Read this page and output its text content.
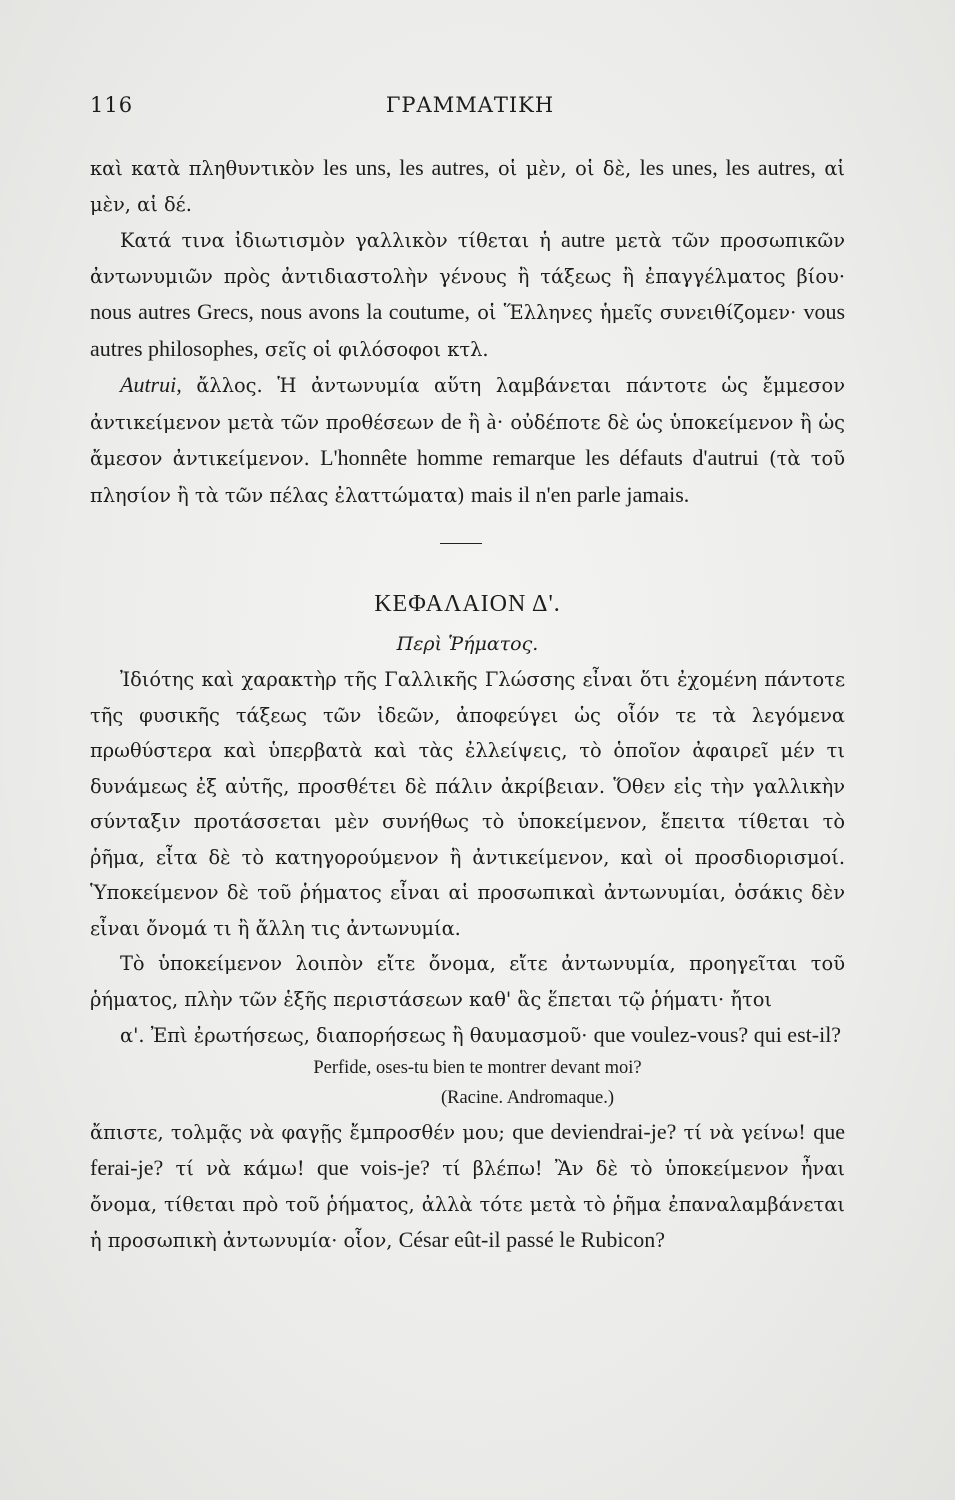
116	ΓΡΑΜΜΑΤΙΚΗ

καὶ κατὰ πληθυντικὸν les uns, les autres, οἱ μὲν, οἱ δὲ, les unes, les autres, αἱ μὲν, αἱ δέ.

Κατά τινα ἰδιωτισμὸν γαλλικὸν τίθεται ἡ autre μετὰ τῶν προσωπικῶν ἀντωνυμιῶν πρὸς ἀντιδιαστολὴν γένους ἢ τάξεως ἢ ἐπαγγέλματος βίου· nous autres Grecs, nous avons la coutume, οἱ Ἕλληνες ἡμεῖς συνειθίζομεν· vous autres philosophes, σεῖς οἱ φιλόσοφοι κτλ.

Autrui, ἄλλος. Ἡ ἀντωνυμία αὕτη λαμβάνεται πάντοτε ὡς ἔμμεσον ἀντικείμενον μετὰ τῶν προθέσεων de ἢ à· οὐδέποτε δὲ ὡς ὑποκείμενον ἢ ὡς ἄμεσον ἀντικείμενον. L'honnête homme remarque les défauts d'autrui (τὰ τοῦ πλησίον ἢ τὰ τῶν πέλας ἐλαττώματα) mais il n'en parle jamais.

ΚΕΦΑΛΑΙΟΝ Δ'.
Περὶ Ῥήματος.

Ἰδιότης καὶ χαρακτὴρ τῆς Γαλλικῆς Γλώσσης εἶναι ὅτι ἐχομένη πάντοτε τῆς φυσικῆς τάξεως τῶν ἰδεῶν, ἀποφεύγει ὡς οἷόν τε τὰ λεγόμενα πρωθύστερα καὶ ὑπερβατὰ καὶ τὰς ἐλλείψεις, τὸ ὁποῖον ἀφαιρεῖ μέν τι δυνάμεως ἐξ αὐτῆς, προσθέτει δὲ πάλιν ἀκρίβειαν. Ὅθεν εἰς τὴν γαλλικὴν σύνταξιν προτάσσεται μὲν συνήθως τὸ ὑποκείμενον, ἔπειτα τίθεται τὸ ῥῆμα, εἶτα δὲ τὸ κατηγορούμενον ἢ ἀντικείμενον, καὶ οἱ προσδιορισμοί. Ὑποκείμενον δὲ τοῦ ῥήματος εἶναι αἱ προσωπικαὶ ἀντωνυμίαι, ὁσάκις δὲν εἶναι ὄνομά τι ἢ ἄλλη τις ἀντωνυμία.

Τὸ ὑποκείμενον λοιπὸν εἴτε ὄνομα, εἴτε ἀντωνυμία, προηγεῖται τοῦ ῥήματος, πλὴν τῶν ἑξῆς περιστάσεων καθ' ἃς ἕπεται τῷ ῥήματι· ἤτοι

α'. Ἐπὶ ἐρωτήσεως, διαπορήσεως ἢ θαυμασμοῦ· que voulez-vous? qui est-il?

Perfide, oses-tu bien te montrer devant moi?
(Racine. Andromaque.)

ἄπιστε, τολμᾷς νὰ φαγῇς ἔμπροσθέν μου; que deviendrai-je? τί νὰ γείνω! que ferai-je? τί νὰ κάμω! que vois-je? τί βλέπω! Ἂν δὲ τὸ ὑποκείμενον ἦναι ὄνομα, τίθεται πρὸ τοῦ ῥήματος, ἀλλὰ τότε μετὰ τὸ ῥῆμα ἐπαναλαμβάνεται ἡ προσωπικὴ ἀντωνυμία· οἷον, César eût-il passé le Rubicon?
